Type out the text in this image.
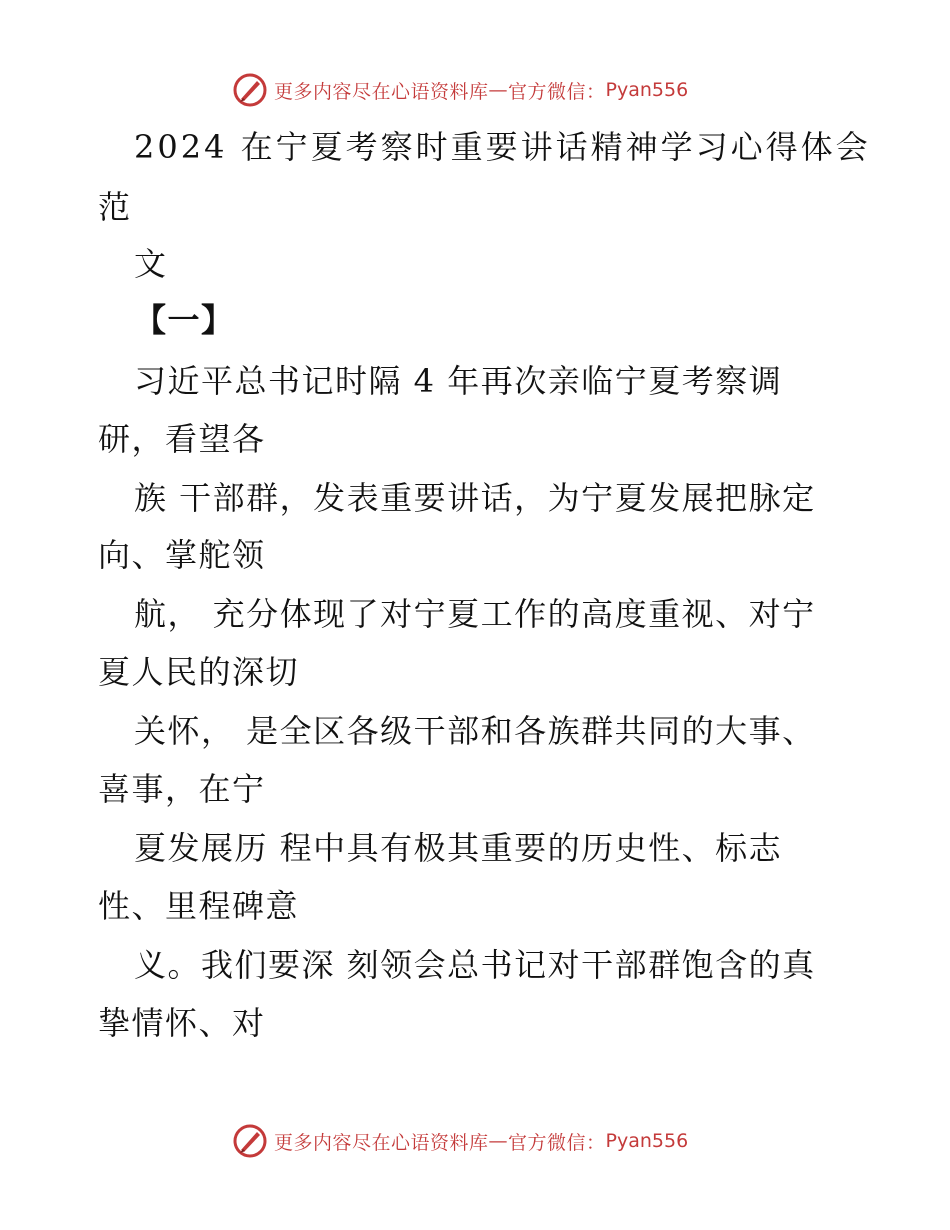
更多内容尽在心语资料库 — 官方微信： Pyan556
2024 在宁夏考察时重要讲话精神学习心得体会
范
文
【一】
习近平总书记时隔 4 年再次亲临宁夏考察调
研，看望各
族 干部群，发表重要讲话，为宁夏发展把脉定
向、掌舵领
航， 充分体现了对宁夏工作的高度重视、对宁
夏人民的深切
关怀， 是全区各级干部和各族群共同的大事、
喜事，在宁
夏发展历 程中具有极其重要的历史性、标志
性、里程碑意
义。我们要深 刻领会总书记对干部群饱含的真
挚情怀、对
更多内容尽在心语资料库 — 官方微信： Pyan556
